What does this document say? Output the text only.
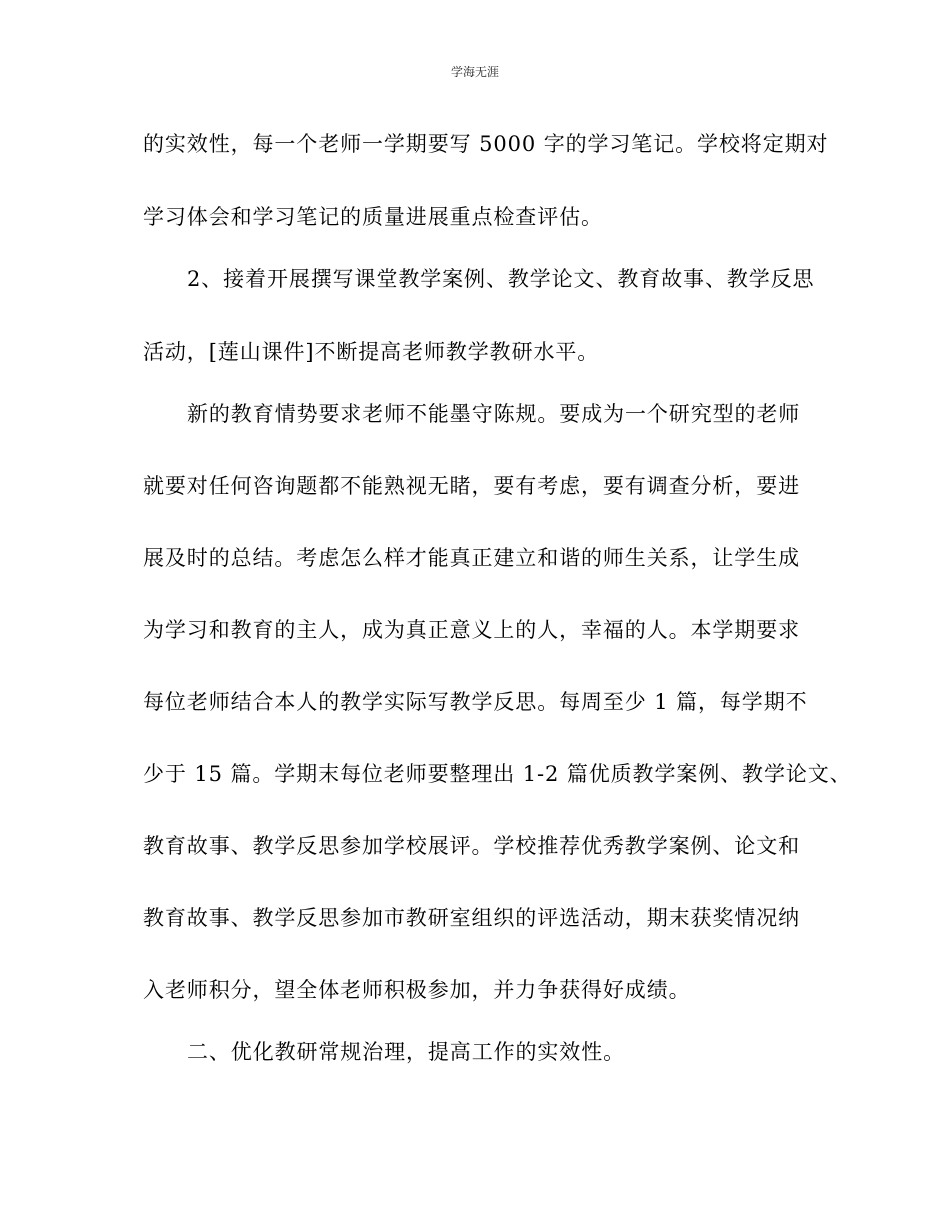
学海无涯
的实效性，每一个老师一学期要写 5000 字的学习笔记。学校将定期对
学习体会和学习笔记的质量进展重点检查评估。
2、接着开展撰写课堂教学案例、教学论文、教育故事、教学反思
活动，[莲山课件]不断提高老师教学教研水平。
新的教育情势要求老师不能墨守陈规。要成为一个研究型的老师
就要对任何咨询题都不能熟视无睹，要有考虑，要有调查分析，要进
展及时的总结。考虑怎么样才能真正建立和谐的师生关系，让学生成
为学习和教育的主人，成为真正意义上的人，幸福的人。本学期要求
每位老师结合本人的教学实际写教学反思。每周至少 1 篇，每学期不
少于 15 篇。学期末每位老师要整理出 1-2 篇优质教学案例、教学论文、
教育故事、教学反思参加学校展评。学校推荐优秀教学案例、论文和
教育故事、教学反思参加市教研室组织的评选活动，期末获奖情况纳
入老师积分，望全体老师积极参加，并力争获得好成绩。
二、优化教研常规治理，提高工作的实效性。
